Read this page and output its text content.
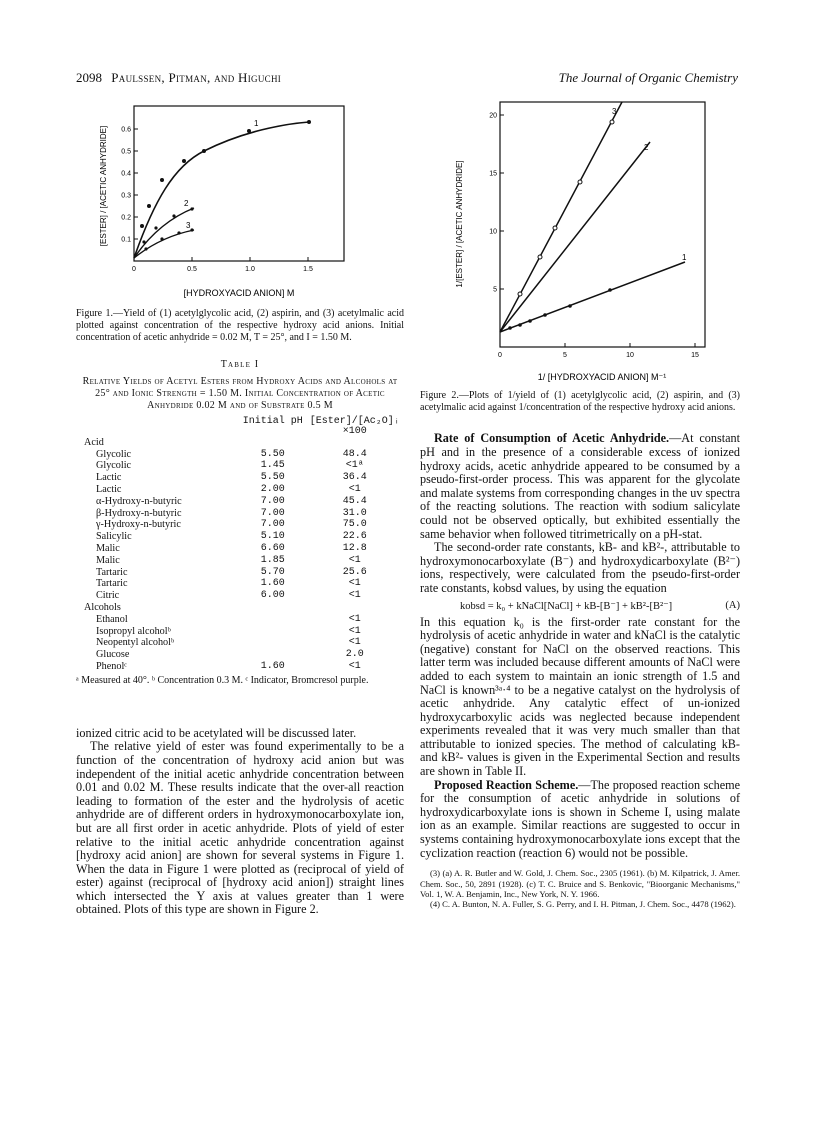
2098 Paulssen, Pitman, and Higuchi	The Journal of Organic Chemistry
0.1
0.2
0.3
0.4
0.5
0.6
0	0.5	1.0	1.5
1
2
3
[ESTER] / [ACETIC ANHYDRIDE]
[HYDROXYACID ANION] M
Figure 1.—Yield of (1) acetylglycolic acid, (2) aspirin, and (3) acetylmalic acid plotted against concentration of the respective hydroxy acid anions. Initial concentration of acetic anhydride = 0.02 M, T = 25°, and I = 1.50 M.
Table I
Relative Yields of Acetyl Esters from Hydroxy Acids and Alcohols at 25° and Ionic Strength = 1.50 M. Initial Concentration of Acetic Anhydride 0.02 M and of Substrate 0.5 M
	Initial pH	[Ester]/[Ac₂O]ᵢ ×100
Acid		
Glycolic	5.50	48.4
Glycolic	1.45	<1ᵃ
Lactic	5.50	36.4
Lactic	2.00	<1
α-Hydroxy-n-butyric	7.00	45.4
β-Hydroxy-n-butyric	7.00	31.0
γ-Hydroxy-n-butyric	7.00	75.0
Salicylic	5.10	22.6
Malic	6.60	12.8
Malic	1.85	<1
Tartaric	5.70	25.6
Tartaric	1.60	<1
Citric	6.00	<1
Alcohols		
Ethanol		<1
Isopropyl alcoholᵇ		<1
Neopentyl alcoholᵇ		<1
Glucose		2.0
Phenolᶜ	1.60	<1
ᵃ Measured at 40°. ᵇ Concentration 0.3 M. ᶜ Indicator, Bromcresol purple.

ionized citric acid to be acetylated will be discussed later.

The relative yield of ester was found experimentally to be a function of the concentration of hydroxy acid anion but was independent of the initial acetic anhydride concentration between 0.01 and 0.02 M. These results indicate that the over-all reaction leading to formation of the ester and the hydrolysis of acetic anhydride are of different orders in hydroxymonocarboxylate ion, but are all first order in acetic anhydride. Plots of yield of ester relative to the initial acetic anhydride concentration against [hydroxy acid anion] are shown for several systems in Figure 1. When the data in Figure 1 were plotted as (reciprocal of yield of ester) against (reciprocal of [hydroxy acid anion]) straight lines which intersected the Y axis at values greater than 1 were obtained. Plots of this type are shown in Figure 2.

5
10
15
20
0	5	10	15
3
2
1
1/[ESTER] / [ACETIC ANHYDRIDE]
1/ [HYDROXYACID ANION] M⁻¹
Figure 2.—Plots of 1/yield of (1) acetylglycolic acid, (2) aspirin, and (3) acetylmalic acid against 1/concentration of the respective hydroxy acid anions.

Rate of Consumption of Acetic Anhydride.—At constant pH and in the presence of a considerable excess of ionized hydroxy acids, acetic anhydride appeared to be consumed by a pseudo-first-order process. This was apparent for the glycolate and malate systems from corresponding changes in the uv spectra of the reacting solutions. The reaction with sodium salicylate could not be observed optically, but exhibited essentially the same behavior when followed titrimetrically on a pH-stat.

The second-order rate constants, kB- and kB²-, attributable to hydroxymonocarboxylate (B⁻) and hydroxydicarboxylate (B²⁻) ions, respectively, were calculated from the pseudo-first-order rate constants, kobsd values, by using the equation

kobsd = k₀ + kNaCl[NaCl] + kB-[B⁻] + kB²-[B²⁻]	(A)

In this equation k₀ is the first-order rate constant for the hydrolysis of acetic anhydride in water and kNaCl is the catalytic (negative) constant for NaCl on the observed reactions. This latter term was included because different amounts of NaCl were added to each system to maintain an ionic strength of 1.5 and NaCl is known³ᵃ·⁴ to be a negative catalyst on the hydrolysis of acetic anhydride. Any catalytic effect of un-ionized hydroxycarboxylic acids was neglected because independent experiments revealed that it was very much smaller than that attributable to ionized species. The method of calculating kB- and kB²- values is given in the Experimental Section and results are shown in Table II.

Proposed Reaction Scheme.—The proposed reaction scheme for the consumption of acetic anhydride in solutions of hydroxydicarboxylate ions is shown in Scheme I, using malate ion as an example. Similar reactions are suggested to occur in systems containing hydroxymonocarboxylate ions except that the cyclization reaction (reaction 6) would not be possible.

(3) (a) A. R. Butler and W. Gold, J. Chem. Soc., 2305 (1961). (b) M. Kilpatrick, J. Amer. Chem. Soc., 50, 2891 (1928). (c) T. C. Bruice and S. Benkovic, "Bioorganic Mechanisms," Vol. 1, W. A. Benjamin, Inc., New York, N. Y. 1966.

(4) C. A. Bunton, N. A. Fuller, S. G. Perry, and I. H. Pitman, J. Chem. Soc., 4478 (1962).
